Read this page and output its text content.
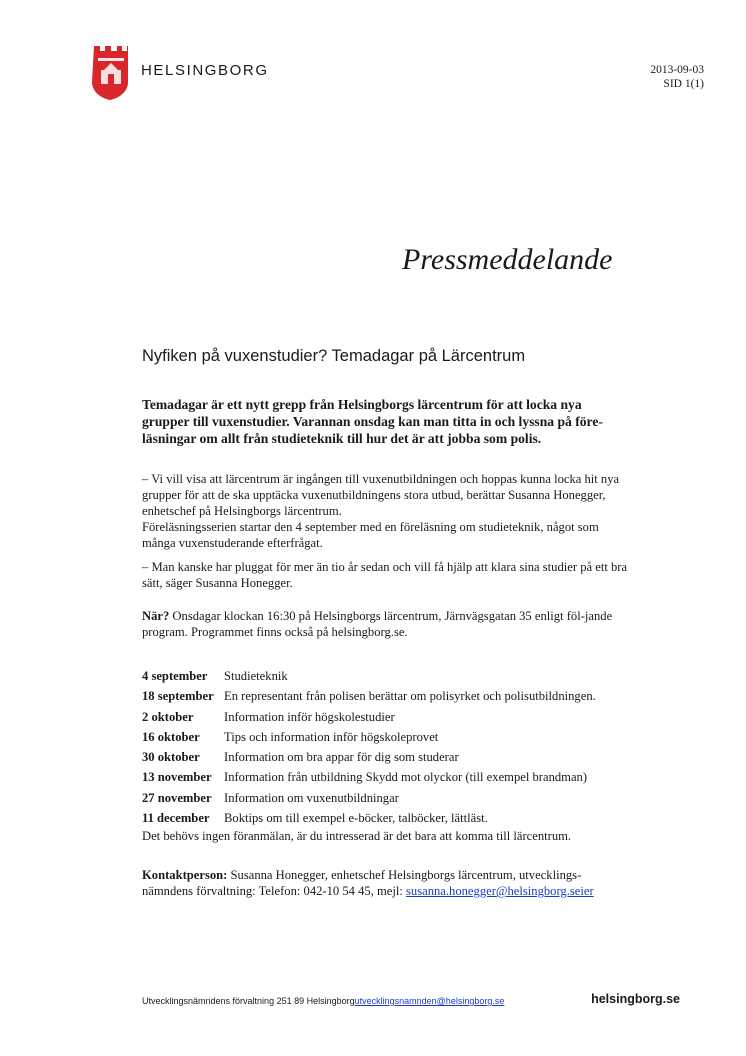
HELSINGBORG	2013-09-03
SID 1(1)
Pressmeddelande
Nyfiken på vuxenstudier? Temadagar på Lärcentrum
Temadagar är ett nytt grepp från Helsingborgs lärcentrum för att locka nya grupper till vuxenstudier. Varannan onsdag kan man titta in och lyssna på före-läsningar om allt från studieteknik till hur det är att jobba som polis.
– Vi vill visa att lärcentrum är ingången till vuxenutbildningen och hoppas kunna locka hit nya grupper för att de ska upptäcka vuxenutbildningens stora utbud, berättar Susanna Honegger, enhetschef på Helsingborgs lärcentrum.
Föreläsningsserien startar den 4 september med en föreläsning om studieteknik, något som många vuxenstuderande efterfrågat.
– Man kanske har pluggat för mer än tio år sedan och vill få hjälp att klara sina studier på ett bra sätt, säger Susanna Honegger.
När? Onsdagar klockan 16:30 på Helsingborgs lärcentrum, Järnvägsgatan 35 enligt föl-jande program. Programmet finns också på helsingborg.se.
4 september	Studieteknik
18 september En representant från polisen berättar om polisyrket och polisutbildningen.
2 oktober	Information inför högskolestudier
16 oktober	Tips och information inför högskoleprovet
30 oktober	Information om bra appar för dig som studerar
13 november Information från utbildning Skydd mot olyckor (till exempel brandman)
27 november Information om vuxenutbildningar
11 december	Boktips om till exempel e-böcker, talböcker, lättläst.
Det behövs ingen föranmälan, är du intresserad är det bara att komma till lärcentrum.
Kontaktperson: Susanna Honegger, enhetschef Helsingborgs lärcentrum, utvecklings-nämndens förvaltning: Telefon: 042-10 54 45, mejl: susanna.honegger@helsingborg.seier
Utvecklingsnämndens förvaltning 251 89 Helsingborgutvecklingsnamnden@helsingborg.se	helsingborg.se
